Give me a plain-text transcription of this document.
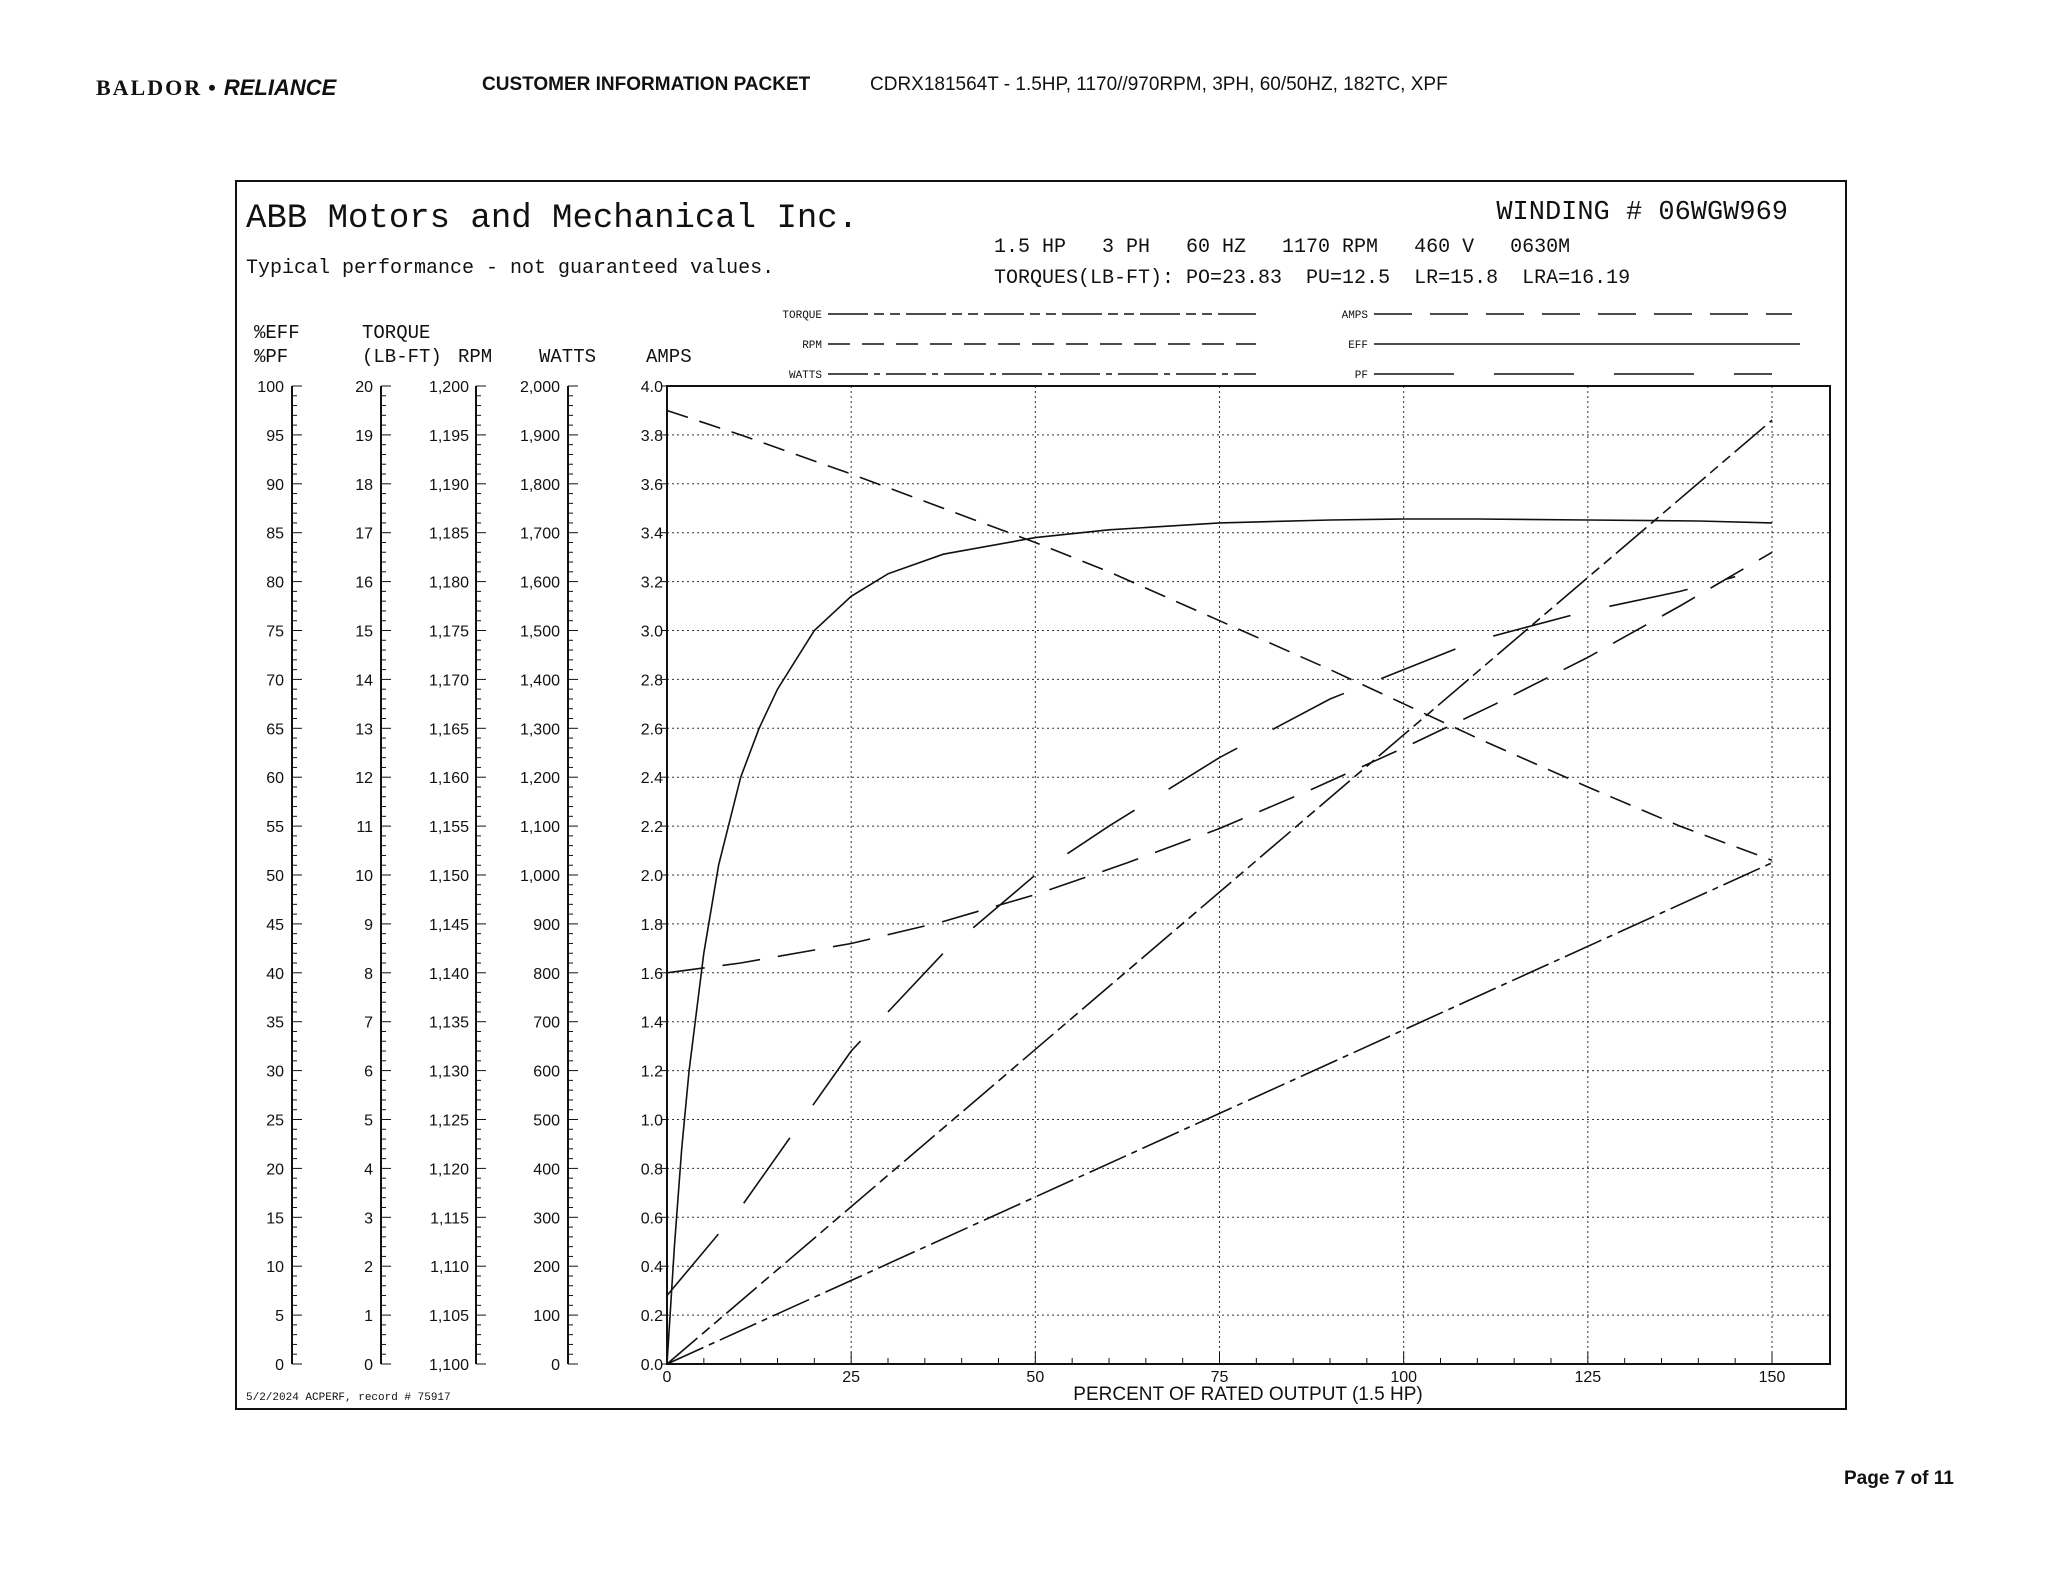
BALDOR • RELIANCE	CUSTOMER INFORMATION PACKET	CDRX181564T - 1.5HP, 1170//970RPM, 3PH, 60/50HZ, 182TC, XPF
Page 7 of 11
ABB Motors and Mechanical Inc.
Typical performance - not guaranteed values.
WINDING # 06WGW969
1.5 HP   3 PH   60 HZ   1170 RPM   460 V   0630M
TORQUES(LB-FT): PO=23.83  PU=12.5  LR=15.8  LRA=16.19
5/2/2024 ACPERF, record # 75917
0
5
10
15
20
25
30
35
40
45
50
55
60
65
70
75
80
85
90
95
100
%EFF
%PF
0
1
2
3
4
5
6
7
8
9
10
11
12
13
14
15
16
17
18
19
20
TORQUE
(LB-FT)
1,100
1,105
1,110
1,115
1,120
1,125
1,130
1,135
1,140
1,145
1,150
1,155
1,160
1,165
1,170
1,175
1,180
1,185
1,190
1,195
1,200
RPM
0
100
200
300
400
500
600
700
800
900
1,000
1,100
1,200
1,300
1,400
1,500
1,600
1,700
1,800
1,900
2,000
WATTS
0.0
0.2
0.4
0.6
0.8
1.0
1.2
1.4
1.6
1.8
2.0
2.2
2.4
2.6
2.8
3.0
3.2
3.4
3.6
3.8
4.0
AMPS
TORQUE
RPM
WATTS
AMPS
EFF
PF
0	25	50	75	100	125	150
PERCENT OF RATED OUTPUT (1.5 HP)
